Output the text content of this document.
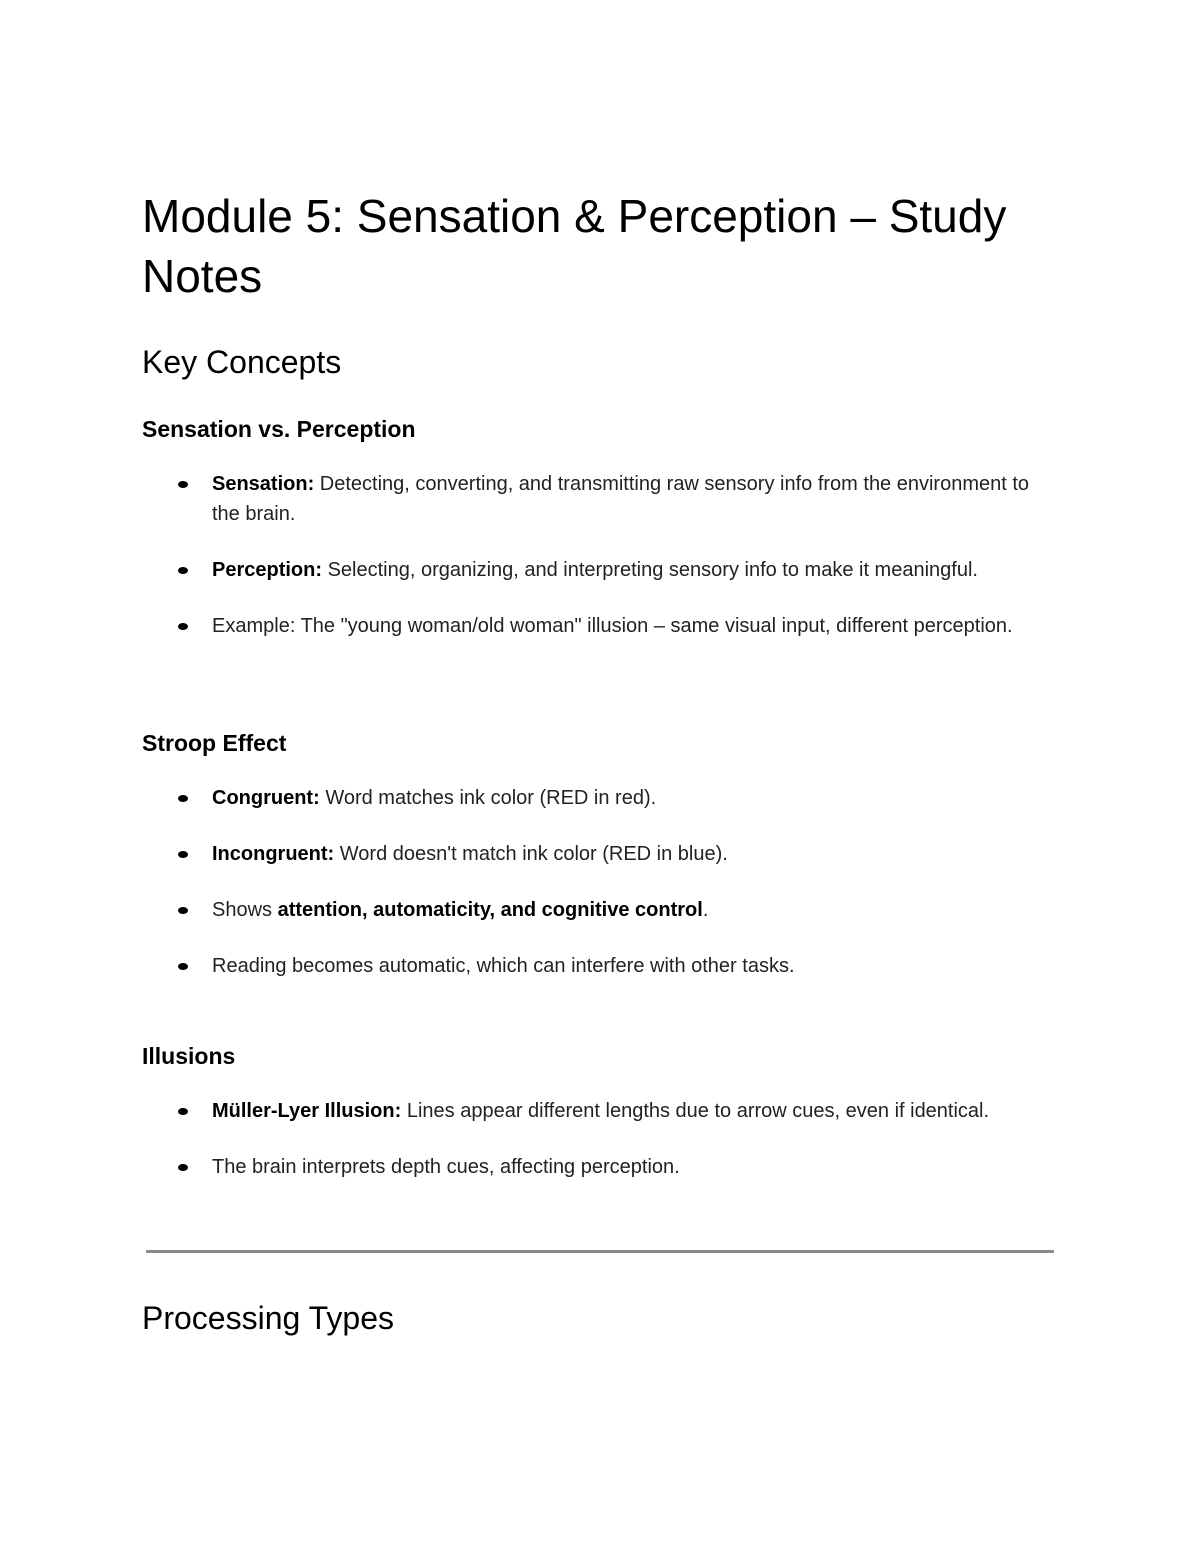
Module 5: Sensation & Perception – Study Notes
Key Concepts
Sensation vs. Perception
Sensation: Detecting, converting, and transmitting raw sensory info from the environment to the brain.
Perception: Selecting, organizing, and interpreting sensory info to make it meaningful.
Example: The "young woman/old woman" illusion – same visual input, different perception.
Stroop Effect
Congruent: Word matches ink color (RED in red).
Incongruent: Word doesn't match ink color (RED in blue).
Shows attention, automaticity, and cognitive control.
Reading becomes automatic, which can interfere with other tasks.
Illusions
Müller-Lyer Illusion: Lines appear different lengths due to arrow cues, even if identical.
The brain interprets depth cues, affecting perception.
Processing Types
